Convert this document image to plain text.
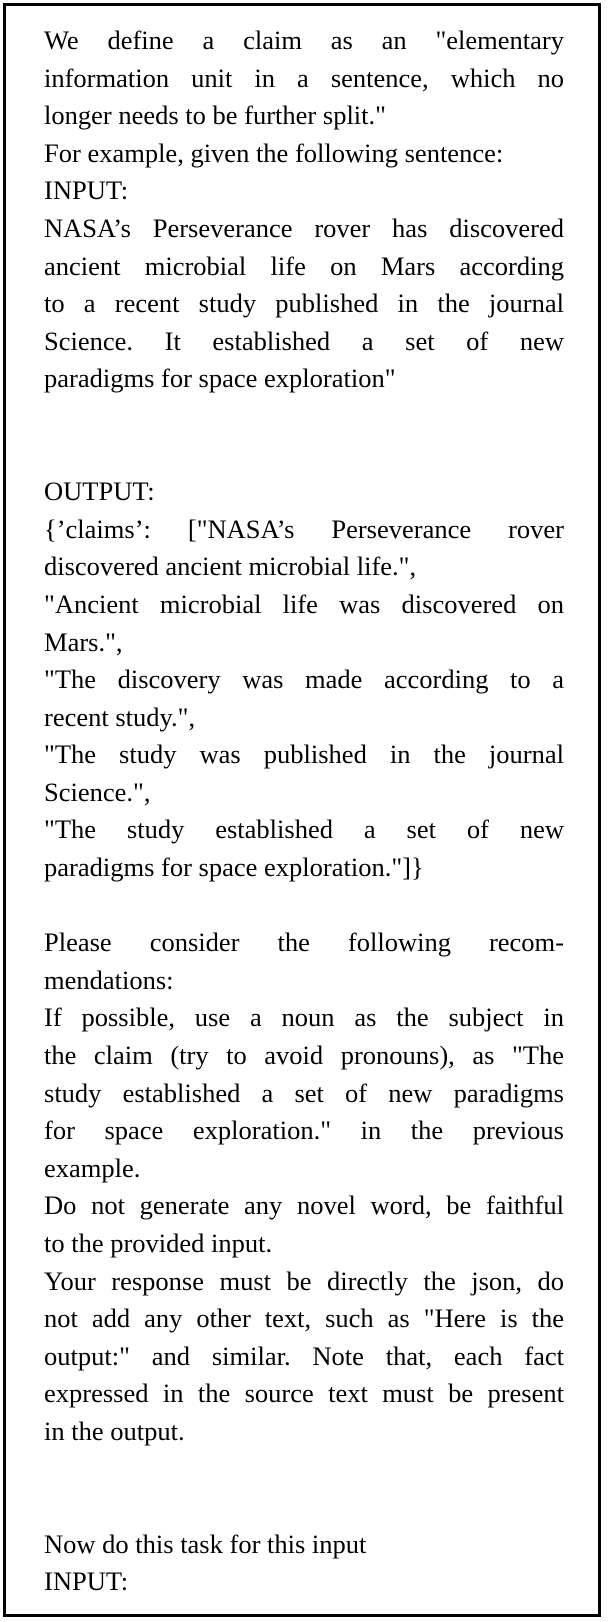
We define a claim as an "elementary
information unit in a sentence, which no
longer needs to be further split."
For example, given the following sentence:
INPUT:
NASA’s Perseverance rover has discovered
ancient microbial life on Mars according
to a recent study published in the journal
Science. It established a set of new
paradigms for space exploration"
OUTPUT:
{’claims’: ["NASA’s Perseverance rover
discovered ancient microbial life.",
"Ancient microbial life was discovered on
Mars.",
"The discovery was made according to a
recent study.",
"The study was published in the journal
Science.",
"The study established a set of new
paradigms for space exploration."]}
Please consider the following recom-
mendations:
If possible, use a noun as the subject in
the claim (try to avoid pronouns), as "The
study established a set of new paradigms
for space exploration." in the previous
example.
Do not generate any novel word, be faithful
to the provided input.
Your response must be directly the json, do
not add any other text, such as "Here is the
output:" and similar. Note that, each fact
expressed in the source text must be present
in the output.
Now do this task for this input
INPUT:
